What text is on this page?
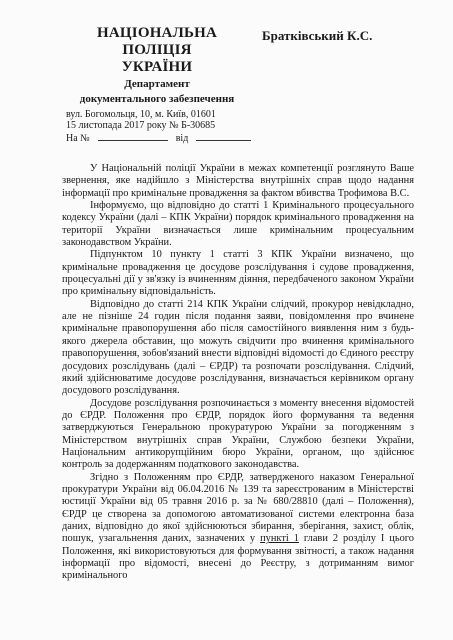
НАЦІОНАЛЬНА ПОЛІЦІЯ
УКРАЇНИ
Департамент
документального забезпечення
вул. Богомольця, 10, м. Київ, 01601
15 листопада 2017 року № Б-30685
На №	від
Братківський К.С.

У Національній поліції України в межах компетенції розглянуто Ваше звернення, яке надійшло з Міністерства внутрішніх справ щодо надання інформації про кримінальне провадження за фактом вбивства Трофимова В.С.

Інформуємо, що відповідно до статті 1 Кримінального процесуального кодексу України (далі – КПК України) порядок кримінального провадження на території України визначається лише кримінальним процесуальним законодавством України.

Підпунктом 10 пункту 1 статті 3 КПК України визначено, що кримінальне провадження це досудове розслідування і судове провадження, процесуальні дії у зв'язку із вчиненням діяння, передбаченого законом України про кримінальну відповідальність.

Відповідно до статті 214 КПК України слідчий, прокурор невідкладно, але не пізніше 24 годин після подання заяви, повідомлення про вчинене кримінальне правопорушення або після самостійного виявлення ним з будь-якого джерела обставин, що можуть свідчити про вчинення кримінального правопорушення, зобов'язаний внести відповідні відомості до Єдиного реєстру досудових розслідувань (далі – ЄРДР) та розпочати розслідування. Слідчий, який здійснюватиме досудове розслідування, визначається керівником органу досудового розслідування.

Досудове розслідування розпочинається з моменту внесення відомостей до ЄРДР. Положення про ЄРДР, порядок його формування та ведення затверджуються Генеральною прокуратурою України за погодженням з Міністерством внутрішніх справ України, Службою безпеки України, Національним антикорупційним бюро України, органом, що здійснює контроль за додержанням податкового законодавства.

Згідно з Положенням про ЄРДР, затвердженого наказом Генеральної прокуратури України від 06.04.2016 № 139 та зареєстрованим в Міністерстві юстиції України від 05 травня 2016 р. за № 680/28810 (далі – Положення), ЄРДР це створена за допомогою автоматизованої системи електронна база даних, відповідно до якої здійснюються збирання, зберігання, захист, облік, пошук, узагальнення даних, зазначених у пункті 1 глави 2 розділу І цього Положення, які використовуються для формування звітності, а також надання інформації про відомості, внесені до Реєстру, з дотриманням вимог кримінального
